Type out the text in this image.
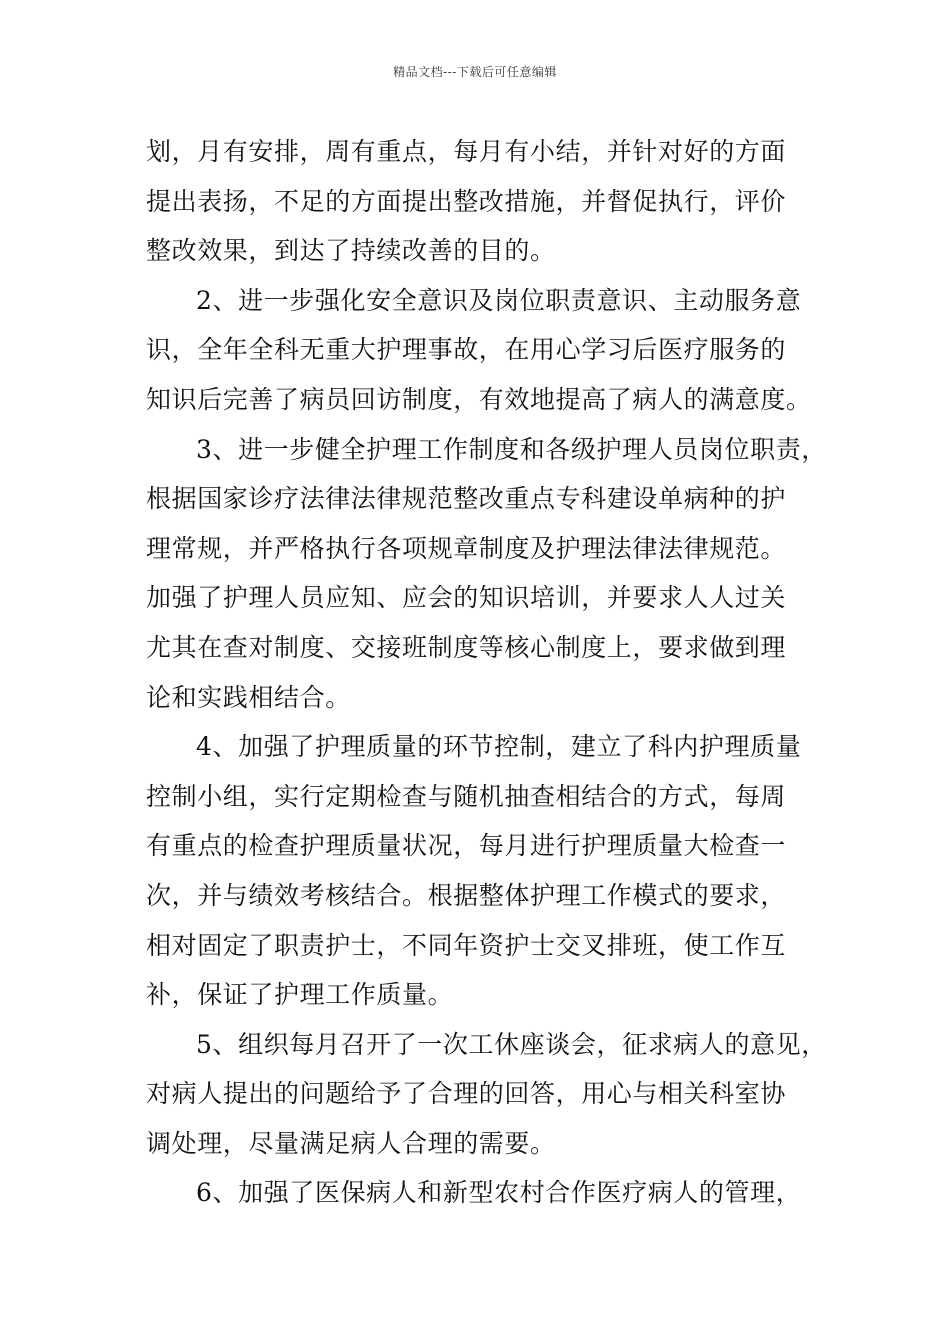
精品文档---下载后可任意编辑
划，月有安排，周有重点，每月有小结，并针对好的方面
提出表扬，不足的方面提出整改措施，并督促执行，评价
整改效果，到达了持续改善的目的。
2、进一步强化安全意识及岗位职责意识、主动服务意
识，全年全科无重大护理事故，在用心学习后医疗服务的
知识后完善了病员回访制度，有效地提高了病人的满意度。
3、进一步健全护理工作制度和各级护理人员岗位职责，
根据国家诊疗法律法律规范整改重点专科建设单病种的护
理常规，并严格执行各项规章制度及护理法律法律规范。
加强了护理人员应知、应会的知识培训，并要求人人过关
尤其在查对制度、交接班制度等核心制度上，要求做到理
论和实践相结合。
4、加强了护理质量的环节控制，建立了科内护理质量
控制小组，实行定期检查与随机抽查相结合的方式，每周
有重点的检查护理质量状况，每月进行护理质量大检查一
次，并与绩效考核结合。根据整体护理工作模式的要求，
相对固定了职责护士，不同年资护士交叉排班，使工作互
补，保证了护理工作质量。
5、组织每月召开了一次工休座谈会，征求病人的意见，
对病人提出的问题给予了合理的回答，用心与相关科室协
调处理，尽量满足病人合理的需要。
6、加强了医保病人和新型农村合作医疗病人的管理，
